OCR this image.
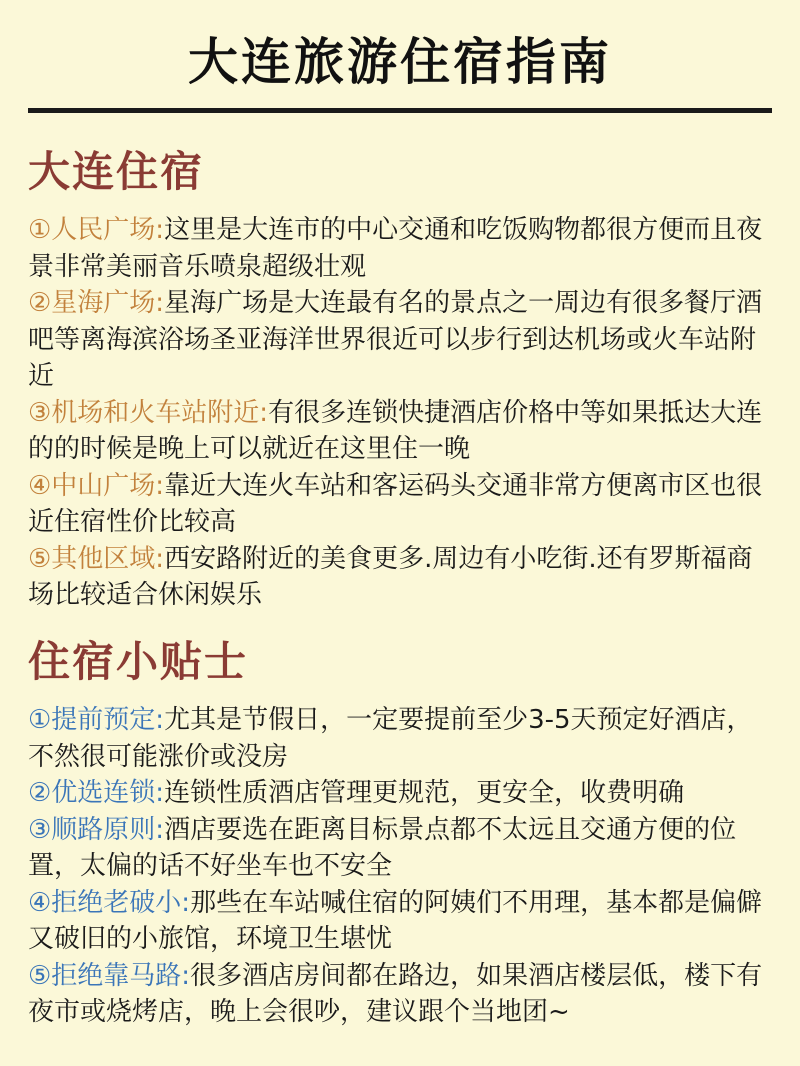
大连旅游住宿指南
大连住宿
①人民广场:这里是大连市的中心交通和吃饭购物都很方便而且夜景非常美丽音乐喷泉超级壮观
②星海广场:星海广场是大连最有名的景点之一周边有很多餐厅酒吧等离海滨浴场圣亚海洋世界很近可以步行到达机场或火车站附近
③机场和火车站附近:有很多连锁快捷酒店价格中等如果抵达大连的的时候是晚上可以就近在这里住一晚
④中山广场:靠近大连火车站和客运码头交通非常方便离市区也很近住宿性价比较高
⑤其他区域:西安路附近的美食更多.周边有小吃街.还有罗斯福商场比较适合休闲娱乐
住宿小贴士
①提前预定:尤其是节假日，一定要提前至少3-5天预定好酒店，不然很可能涨价或没房
②优选连锁:连锁性质酒店管理更规范，更安全，收费明确
③顺路原则:酒店要选在距离目标景点都不太远且交通方便的位置，太偏的话不好坐车也不安全
④拒绝老破小:那些在车站喊住宿的阿姨们不用理，基本都是偏僻又破旧的小旅馆，环境卫生堪忧
⑤拒绝靠马路:很多酒店房间都在路边，如果酒店楼层低，楼下有夜市或烧烤店，晚上会很吵，建议跟个当地团~
